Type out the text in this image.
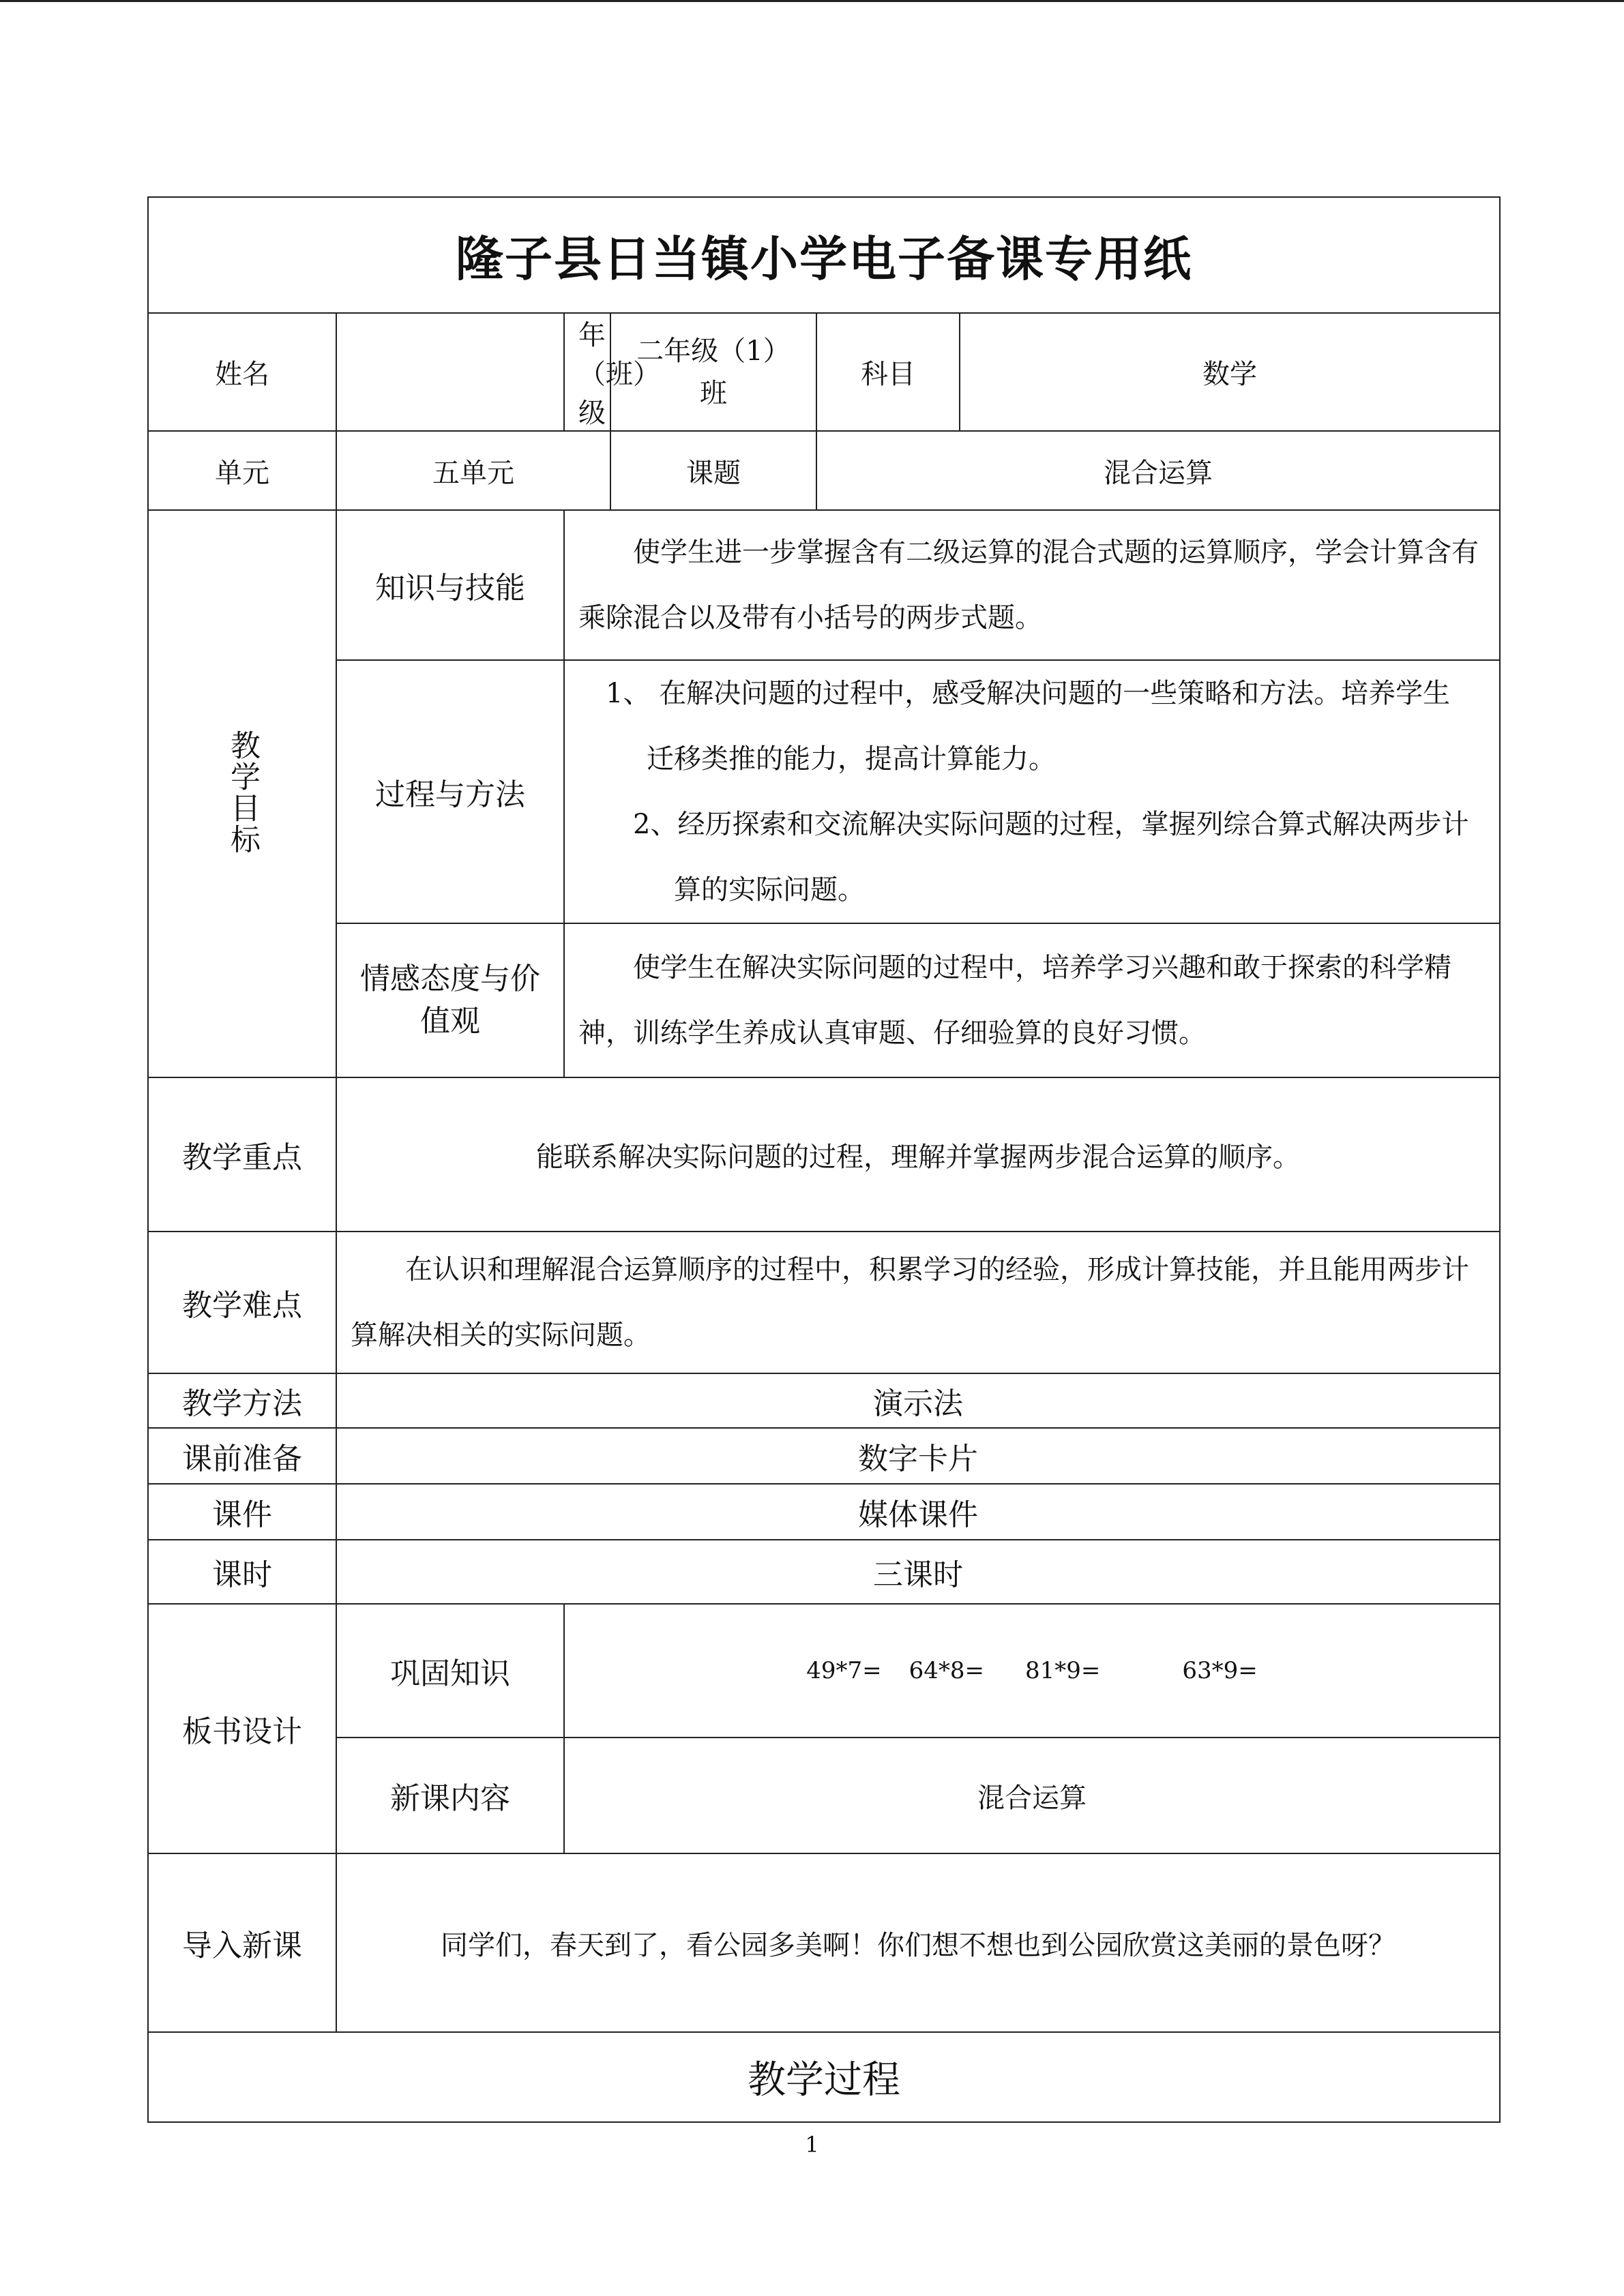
隆子县日当镇小学电子备课专用纸					
姓名		年（班）级	二年级（1）班	科目	数学
单元	五单元		课题	混合运算	
教学目标	知识与技能	使学生进一步掌握含有二级运算的混合式题的运算顺序，学会计算含有乘除混合以及带有小括号的两步式题。			
	过程与方法	1、 在解决问题的过程中，感受解决问题的一些策略和方法。培养学生迁移类推的能力，提高计算能力。
2、经历探索和交流解决实际问题的过程，掌握列综合算式解决两步计算的实际问题。			

	情感态度与价值观	使学生在解决实际问题的过程中，培养学习兴趣和敢于探索的科学精神，训练学生养成认真审题、仔细验算的良好习惯。			
教学重点	能联系解决实际问题的过程，理解并掌握两步混合运算的顺序。				
教学难点	在认识和理解混合运算顺序的过程中，积累学习的经验，形成计算技能，并且能用两步计算解决相关的实际问题。				
教学方法	演示法				
课前准备	数字卡片				
课件	媒体课件				
课时	三课时				
板书设计	巩固知识	49*7= 64*8= 81*9= 63*9=			
	新课内容	混合运算			
导入新课	同学们，春天到了，看公园多美啊！你们想不想也到公园欣赏这美丽的景色呀？				
教学过程					
1
